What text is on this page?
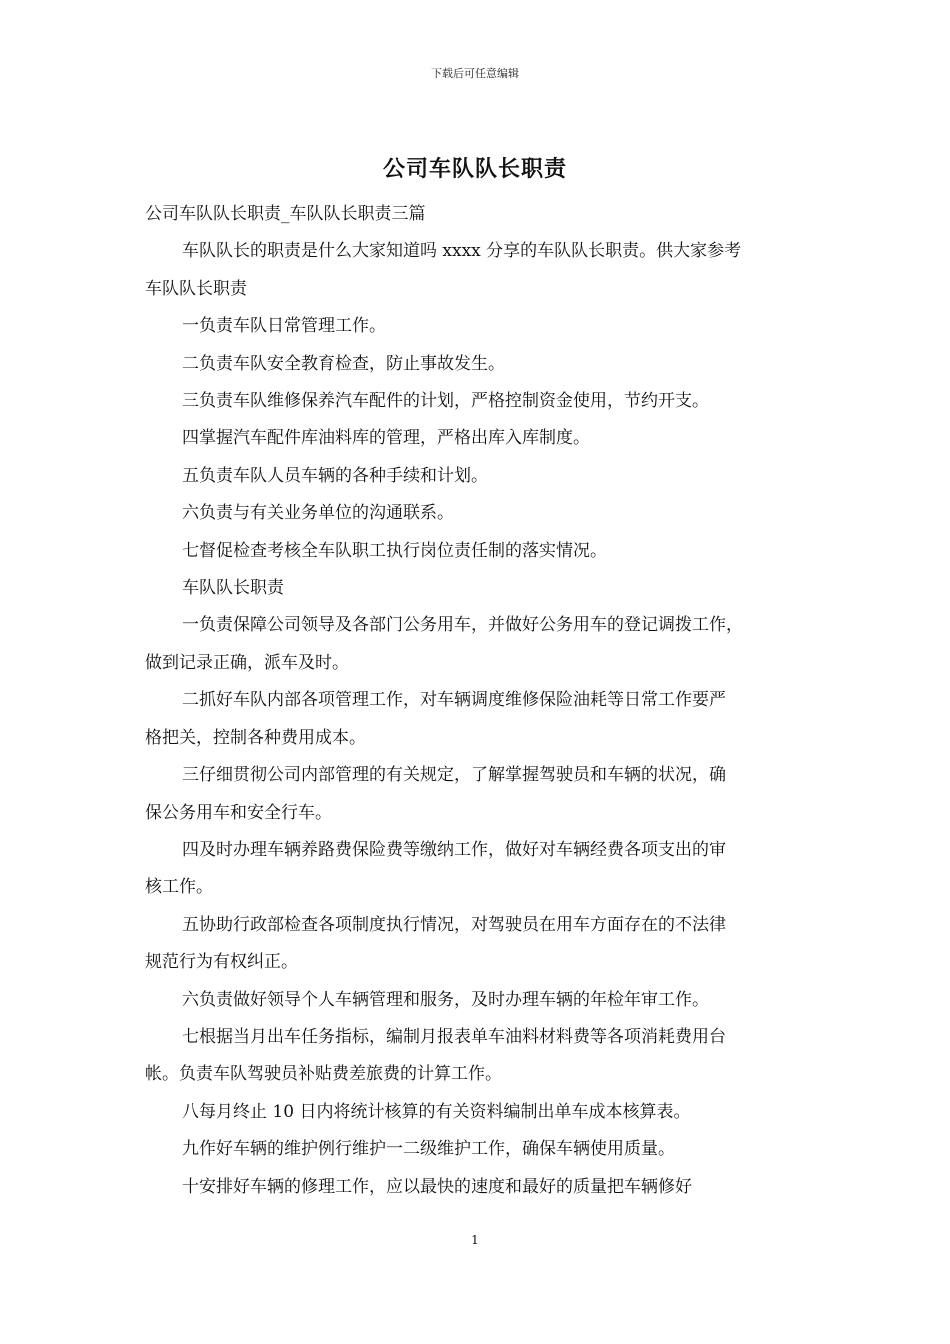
下载后可任意编辑
公司车队队长职责

公司车队队长职责_车队队长职责三篇

车队队长的职责是什么大家知道吗 xxxx 分享的车队队长职责。供大家参考

车队队长职责

一负责车队日常管理工作。

二负责车队安全教育检查，防止事故发生。

三负责车队维修保养汽车配件的计划，严格控制资金使用，节约开支。

四掌握汽车配件库油料库的管理，严格出库入库制度。

五负责车队人员车辆的各种手续和计划。

六负责与有关业务单位的沟通联系。

七督促检查考核全车队职工执行岗位责任制的落实情况。

车队队长职责

一负责保障公司领导及各部门公务用车，并做好公务用车的登记调拨工作，

做到记录正确，派车及时。

二抓好车队内部各项管理工作，对车辆调度维修保险油耗等日常工作要严

格把关，控制各种费用成本。

三仔细贯彻公司内部管理的有关规定，了解掌握驾驶员和车辆的状况，确

保公务用车和安全行车。

四及时办理车辆养路费保险费等缴纳工作，做好对车辆经费各项支出的审

核工作。

五协助行政部检查各项制度执行情况，对驾驶员在用车方面存在的不法律

规范行为有权纠正。

六负责做好领导个人车辆管理和服务，及时办理车辆的年检年审工作。

七根据当月出车任务指标，编制月报表单车油料材料费等各项消耗费用台

帐。负责车队驾驶员补贴费差旅费的计算工作。

八每月终止 10 日内将统计核算的有关资料编制出单车成本核算表。

九作好车辆的维护例行维护一二级维护工作，确保车辆使用质量。

十安排好车辆的修理工作，应以最快的速度和最好的质量把车辆修好

1
